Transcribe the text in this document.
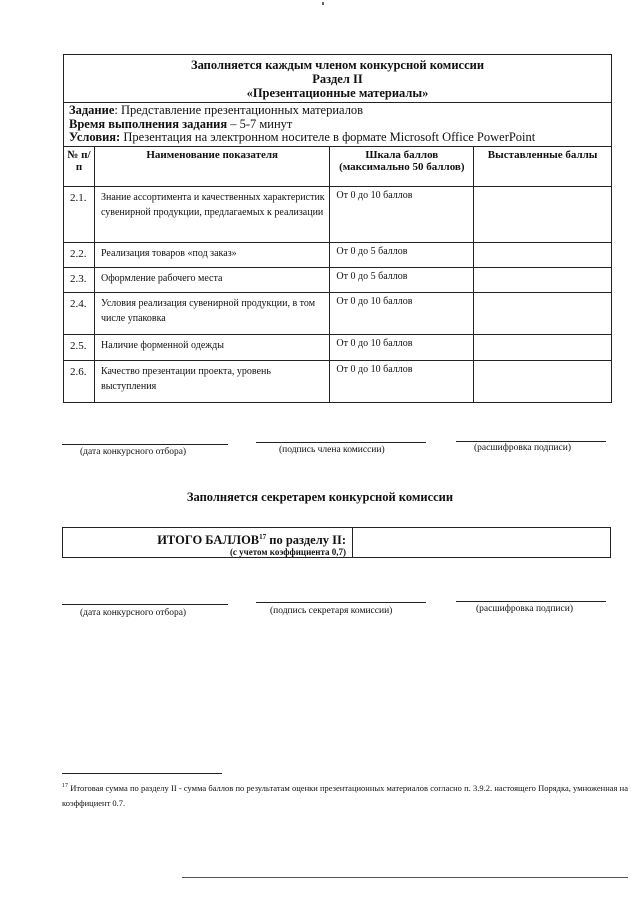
Заполняется каждым членом конкурсной комиссии
Раздел II
«Презентационные материалы»			

Задание: Представление презентационных материалов
Время выполнения задания – 5-7 минут
Условия: Презентация на электронном носителе в формате Microsoft Office PowerPoint			

№ п/п	Наименование показателя	Шкала баллов (максимально 50 баллов)	Выставленные баллы
2.1.	Знание ассортимента и качественных характеристик сувенирной продукции, предлагаемых к реализации	От 0 до 10 баллов	
2.2.	Реализация товаров «под заказ»	От 0 до 5 баллов	
2.3.	Оформление рабочего места	От 0 до 5 баллов	
2.4.	Условия реализация сувенирной продукции, в том числе упаковка	От 0 до 10 баллов	
2.5.	Наличие форменной одежды	От 0 до 10 баллов	
2.6.	Качество презентации проекта, уровень выступления	От 0 до 10 баллов	
(дата конкурсного отбора)	(подпись члена комиссии)	(расшифровка подписи)
Заполняется секретарем конкурсной комиссии
ИТОГО БАЛЛОВ$^{17}$ по разделу II:
(с учетом коэффициента 0,7)
(дата конкурсного отбора)	(подпись секретаря комиссии)	(расшифровка подписи)
$^{17}$ Итоговая сумма по разделу II - сумма баллов по результатам оценки презентационных материалов согласно п. 3.9.2. настоящего Порядка, умноженная на коэффициент 0.7.
